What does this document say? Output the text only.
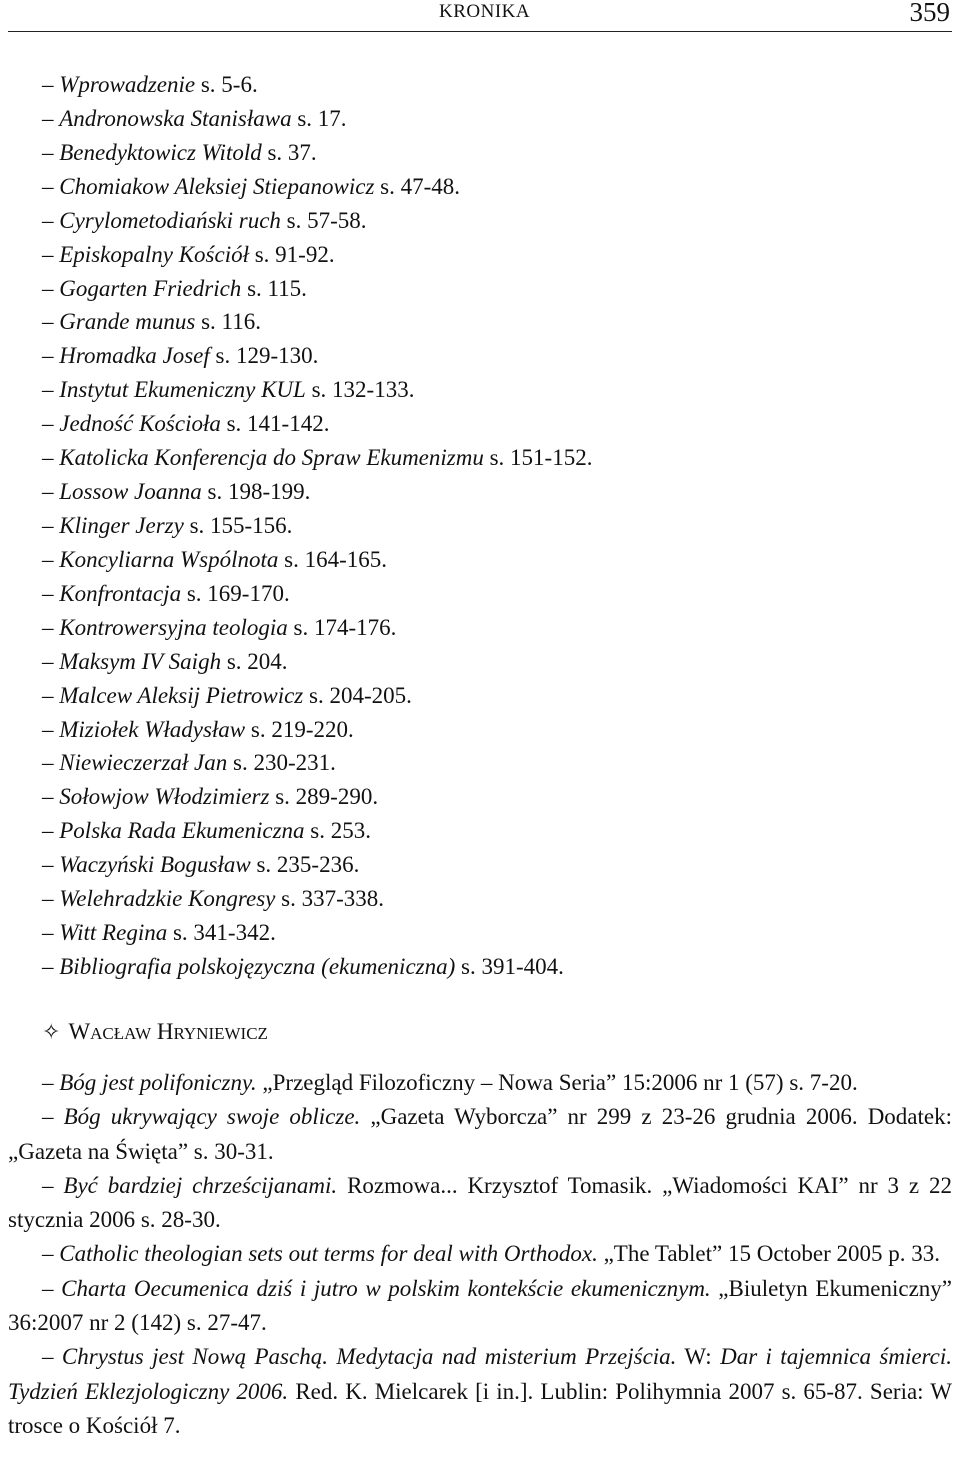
KRONIKA	359
– Wprowadzenie s. 5-6.
– Andronowska Stanisława s. 17.
– Benedyktowicz Witold s. 37.
– Chomiakow Aleksiej Stiepanowicz s. 47-48.
– Cyrylometodiański ruch s. 57-58.
– Episkopalny Kościół s. 91-92.
– Gogarten Friedrich s. 115.
– Grande munus s. 116.
– Hromadka Josef s. 129-130.
– Instytut Ekumeniczny KUL s. 132-133.
– Jedność Kościoła s. 141-142.
– Katolicka Konferencja do Spraw Ekumenizmu s. 151-152.
– Lossow Joanna s. 198-199.
– Klinger Jerzy s. 155-156.
– Koncyliarna Wspólnota s. 164-165.
– Konfrontacja s. 169-170.
– Kontrowersyjna teologia s. 174-176.
– Maksym IV Saigh s. 204.
– Malcew Aleksij Pietrowicz s. 204-205.
– Miziołek Władysław s. 219-220.
– Niewieczerzał Jan s. 230-231.
– Sołowjow Włodzimierz s. 289-290.
– Polska Rada Ekumeniczna s. 253.
– Waczyński Bogusław s. 235-236.
– Welehradzkie Kongresy s. 337-338.
– Witt Regina s. 341-342.
– Bibliografia polskojęzyczna (ekumeniczna) s. 391-404.
✧ WACŁAW HRYNIEWICZ

– Bóg jest polifoniczny. „Przegląd Filozoficzny – Nowa Seria” 15:2006 nr 1 (57) s. 7-20.

– Bóg ukrywający swoje oblicze. „Gazeta Wyborcza” nr 299 z 23-26 grudnia 2006. Dodatek: „Gazeta na Święta” s. 30-31.

– Być bardziej chrześcijanami. Rozmowa... Krzysztof Tomasik. „Wiadomości KAI” nr 3 z 22 stycznia 2006 s. 28-30.

– Catholic theologian sets out terms for deal with Orthodox. „The Tablet” 15 October 2005 p. 33.

– Charta Oecumenica dziś i jutro w polskim kontekście ekumenicznym. „Biuletyn Ekumeniczny” 36:2007 nr 2 (142) s. 27-47.

– Chrystus jest Nową Paschą. Medytacja nad misterium Przejścia. W: Dar i tajemnica śmierci. Tydzień Eklezjologiczny 2006. Red. K. Mielcarek [i in.]. Lublin: Polihymnia 2007 s. 65-87. Seria: W trosce o Kościół 7.
